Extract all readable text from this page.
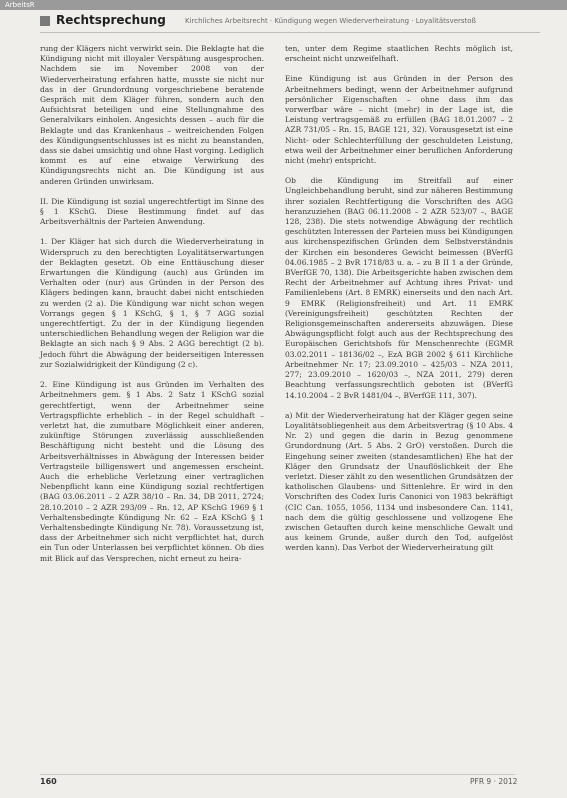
ArbeitsR
Rechtsprechung	Kirchliches Arbeitsrecht · Kündigung wegen Wiederverheiratung · Loyalitätsverstoß

rung der Klägers nicht verwirkt sein. Die Beklagte hat die Kündigung nicht mit illoyaler Verspätung ausgesprochen. Nachdem sie im November 2008 von der Wiederverheiratung erfahren hatte, musste sie nicht nur das in der Grundordnung vorgeschriebene beratende Gespräch mit dem Kläger führen, sondern auch den Aufsichtsrat beteiligen und eine Stellungnahme des Generalvikars einholen. Angesichts dessen – auch für die Beklagte und das Krankenhaus – weitreichenden Folgen des Kündigungsentschlusses ist es nicht zu beanstanden, dass sie dabei umsichtig und ohne Hast vorging. Lediglich kommt es auf eine etwaige Verwirkung des Kündigungsrechts nicht an. Die Kündigung ist aus anderen Gründen unwirksam.

II. Die Kündigung ist sozial ungerechtfertigt im Sinne des § 1 KSchG. Diese Bestimmung findet auf das Arbeitsverhältnis der Parteien Anwendung.

1. Der Kläger hat sich durch die Wiederverheiratung in Widerspruch zu den berechtigten Loyalitätserwartungen der Beklagten gesetzt. Ob eine Enttäuschung dieser Erwartungen die Kündigung (auch) aus Gründen im Verhalten oder (nur) aus Gründen in der Person des Klägers bedingen kann, braucht dabei nicht entschieden zu werden (2 a). Die Kündigung war nicht schon wegen Vorrangs gegen § 1 KSchG, § 1, § 7 AGG sozial ungerechtfertigt. Zu der in der Kündigung liegenden unterschiedlichen Behandlung wegen der Religion war die Beklagte an sich nach § 9 Abs. 2 AGG berechtigt (2 b). Jedoch führt die Abwägung der beiderseitigen Interessen zur Sozialwidrigkeit der Kündigung (2 c).

2. Eine Kündigung ist aus Gründen im Verhalten des Arbeitnehmers gem. § 1 Abs. 2 Satz 1 KSchG sozial gerechtfertigt, wenn der Arbeitnehmer seine Vertragspflichte erheblich – in der Regel schuldhaft – verletzt hat, die zumutbare Möglichkeit einer anderen, zukünftige Störungen zuverlässig ausschließenden Beschäftigung nicht besteht und die Lösung des Arbeitsverhältnisses in Abwägung der Interessen beider Vertragsteile billigenswert und angemessen erscheint. Auch die erhebliche Verletzung einer vertraglichen Nebenpflicht kann eine Kündigung sozial rechtfertigen (BAG 03.06.2011 – 2 AZR 38/10 – Rn. 34, DB 2011, 2724; 28.10.2010 – 2 AZR 293/09 – Rn. 12, AP KSchG 1969 § 1 Verhaltensbedingte Kündigung Nr. 62 – EzA KSchG § 1 Verhaltensbedingte Kündigung Nr. 78). Voraussetzung ist, dass der Arbeitnehmer sich nicht verpflichtet hat, durch ein Tun oder Unterlassen bei verpflichtet können. Ob dies mit Blick auf das Versprechen, nicht erneut zu heira-

ten, unter dem Regime staatlichen Rechts möglich ist, erscheint nicht unzweifelhaft.

Eine Kündigung ist aus Gründen in der Person des Arbeitnehmers bedingt, wenn der Arbeitnehmer aufgrund persönlicher Eigenschaften – ohne dass ihm das vorwerfbar wäre – nicht (mehr) in der Lage ist, die Leistung vertragsgemäß zu erfüllen (BAG 18.01.2007 – 2 AZR 731/05 – Rn. 15, BAGE 121, 32). Vorausgesetzt ist eine Nicht- oder Schlechterfüllung der geschuldeten Leistung, etwa weil der Arbeitnehmer einer beruflichen Anforderung nicht (mehr) entspricht.

Ob die Kündigung im Streitfall auf einer Ungleichbehandlung beruht, sind zur näheren Bestimmung ihrer sozialen Rechtfertigung die Vorschriften des AGG heranzuziehen (BAG 06.11.2008 – 2 AZR 523/07 –, BAGE 128, 238). Die stets notwendige Abwägung der rechtlich geschützten Interessen der Parteien muss bei Kündigungen aus kirchenspezifischen Gründen dem Selbstverständnis der Kirchen ein besonderes Gewicht beimessen (BVerfG 04.06.1985 – 2 BvR 1718/83 u. a. – zu B II 1 a der Gründe, BVerfGE 70, 138). Die Arbeitsgerichte haben zwischen dem Recht der Arbeitnehmer auf Achtung ihres Privat- und Familienlebens (Art. 8 EMRK) einerseits und den nach Art. 9 EMRK (Religionsfreiheit) und Art. 11 EMRK (Vereinigungsfreiheit) geschützten Rechten der Religionsgemeinschaften andererseits abzuwägen. Diese Abwägungspflicht folgt auch aus der Rechtsprechung des Europäischen Gerichtshofs für Menschenrechte (EGMR 03.02.2011 – 18136/02 –, EzA BGB 2002 § 611 Kirchliche Arbeitnehmer Nr. 17; 23.09.2010 – 425/03 – NZA 2011, 277; 23.09.2010 – 1620/03 –, NZA 2011, 279) deren Beachtung verfassungsrechtlich geboten ist (BVerfG 14.10.2004 – 2 BvR 1481/04 –, BVerfGE 111, 307).

a) Mit der Wiederverheiratung hat der Kläger gegen seine Loyalitätsobliegenheit aus dem Arbeitsvertrag (§ 10 Abs. 4 Nr. 2) und gegen die darin in Bezug genommene Grundordnung (Art. 5 Abs. 2 GrO) verstoßen. Durch die Eingehung seiner zweiten (standesamtlichen) Ehe hat der Kläger den Grundsatz der Unauflöslichkeit der Ehe verletzt. Dieser zählt zu den wesentlichen Grundsätzen der katholischen Glaubens- und Sittenlehre. Er wird in den Vorschriften des Codex Iuris Canonici von 1983 bekräftigt (CIC Can. 1055, 1056, 1134 und insbesondere Can. 1141, nach dem die gültig geschlossene und vollzogene Ehe zwischen Getauften durch keine menschliche Gewalt und aus keinem Grunde, außer durch den Tod, aufgelöst werden kann). Das Verbot der Wiederverheiratung gilt

160	PFR 9 · 2012
